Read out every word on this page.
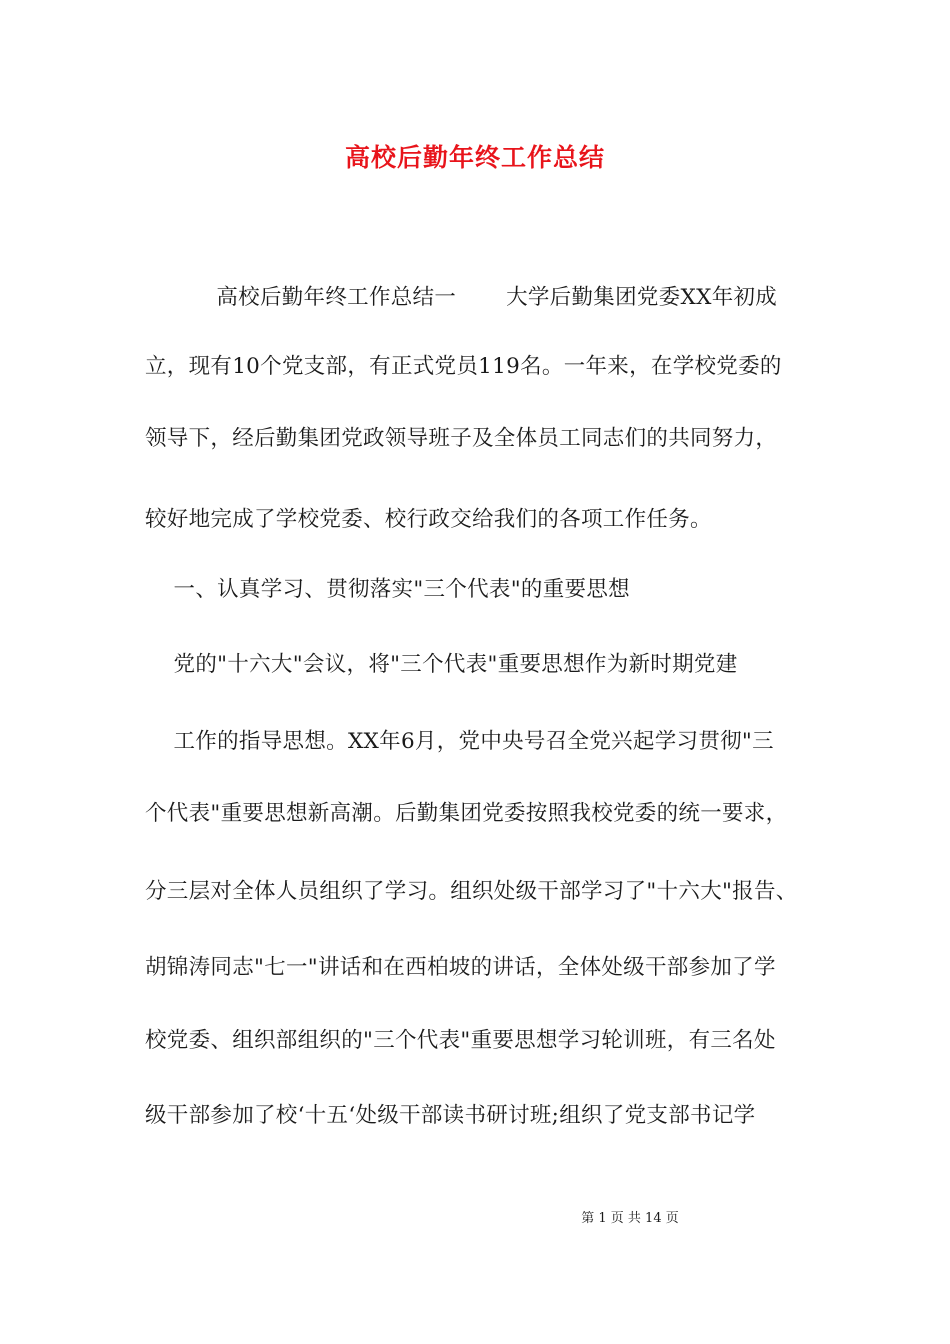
高校后勤年终工作总结
高校后勤年终工作总结一       大学后勤集团党委XX年初成
立，现有10个党支部，有正式党员119名。一年来，在学校党委的
领导下，经后勤集团党政领导班子及全体员工同志们的共同努力，
较好地完成了学校党委、校行政交给我们的各项工作任务。
一、认真学习、贯彻落实"三个代表"的重要思想
党的"十六大"会议，将"三个代表"重要思想作为新时期党建
工作的指导思想。XX年6月，党中央号召全党兴起学习贯彻"三
个代表"重要思想新高潮。后勤集团党委按照我校党委的统一要求，
分三层对全体人员组织了学习。组织处级干部学习了"十六大"报告、
胡锦涛同志"七一"讲话和在西柏坡的讲话，全体处级干部参加了学
校党委、组织部组织的"三个代表"重要思想学习轮训班，有三名处
级干部参加了校‘十五‘处级干部读书研讨班;组织了党支部书记学
第 1 页 共 14 页
